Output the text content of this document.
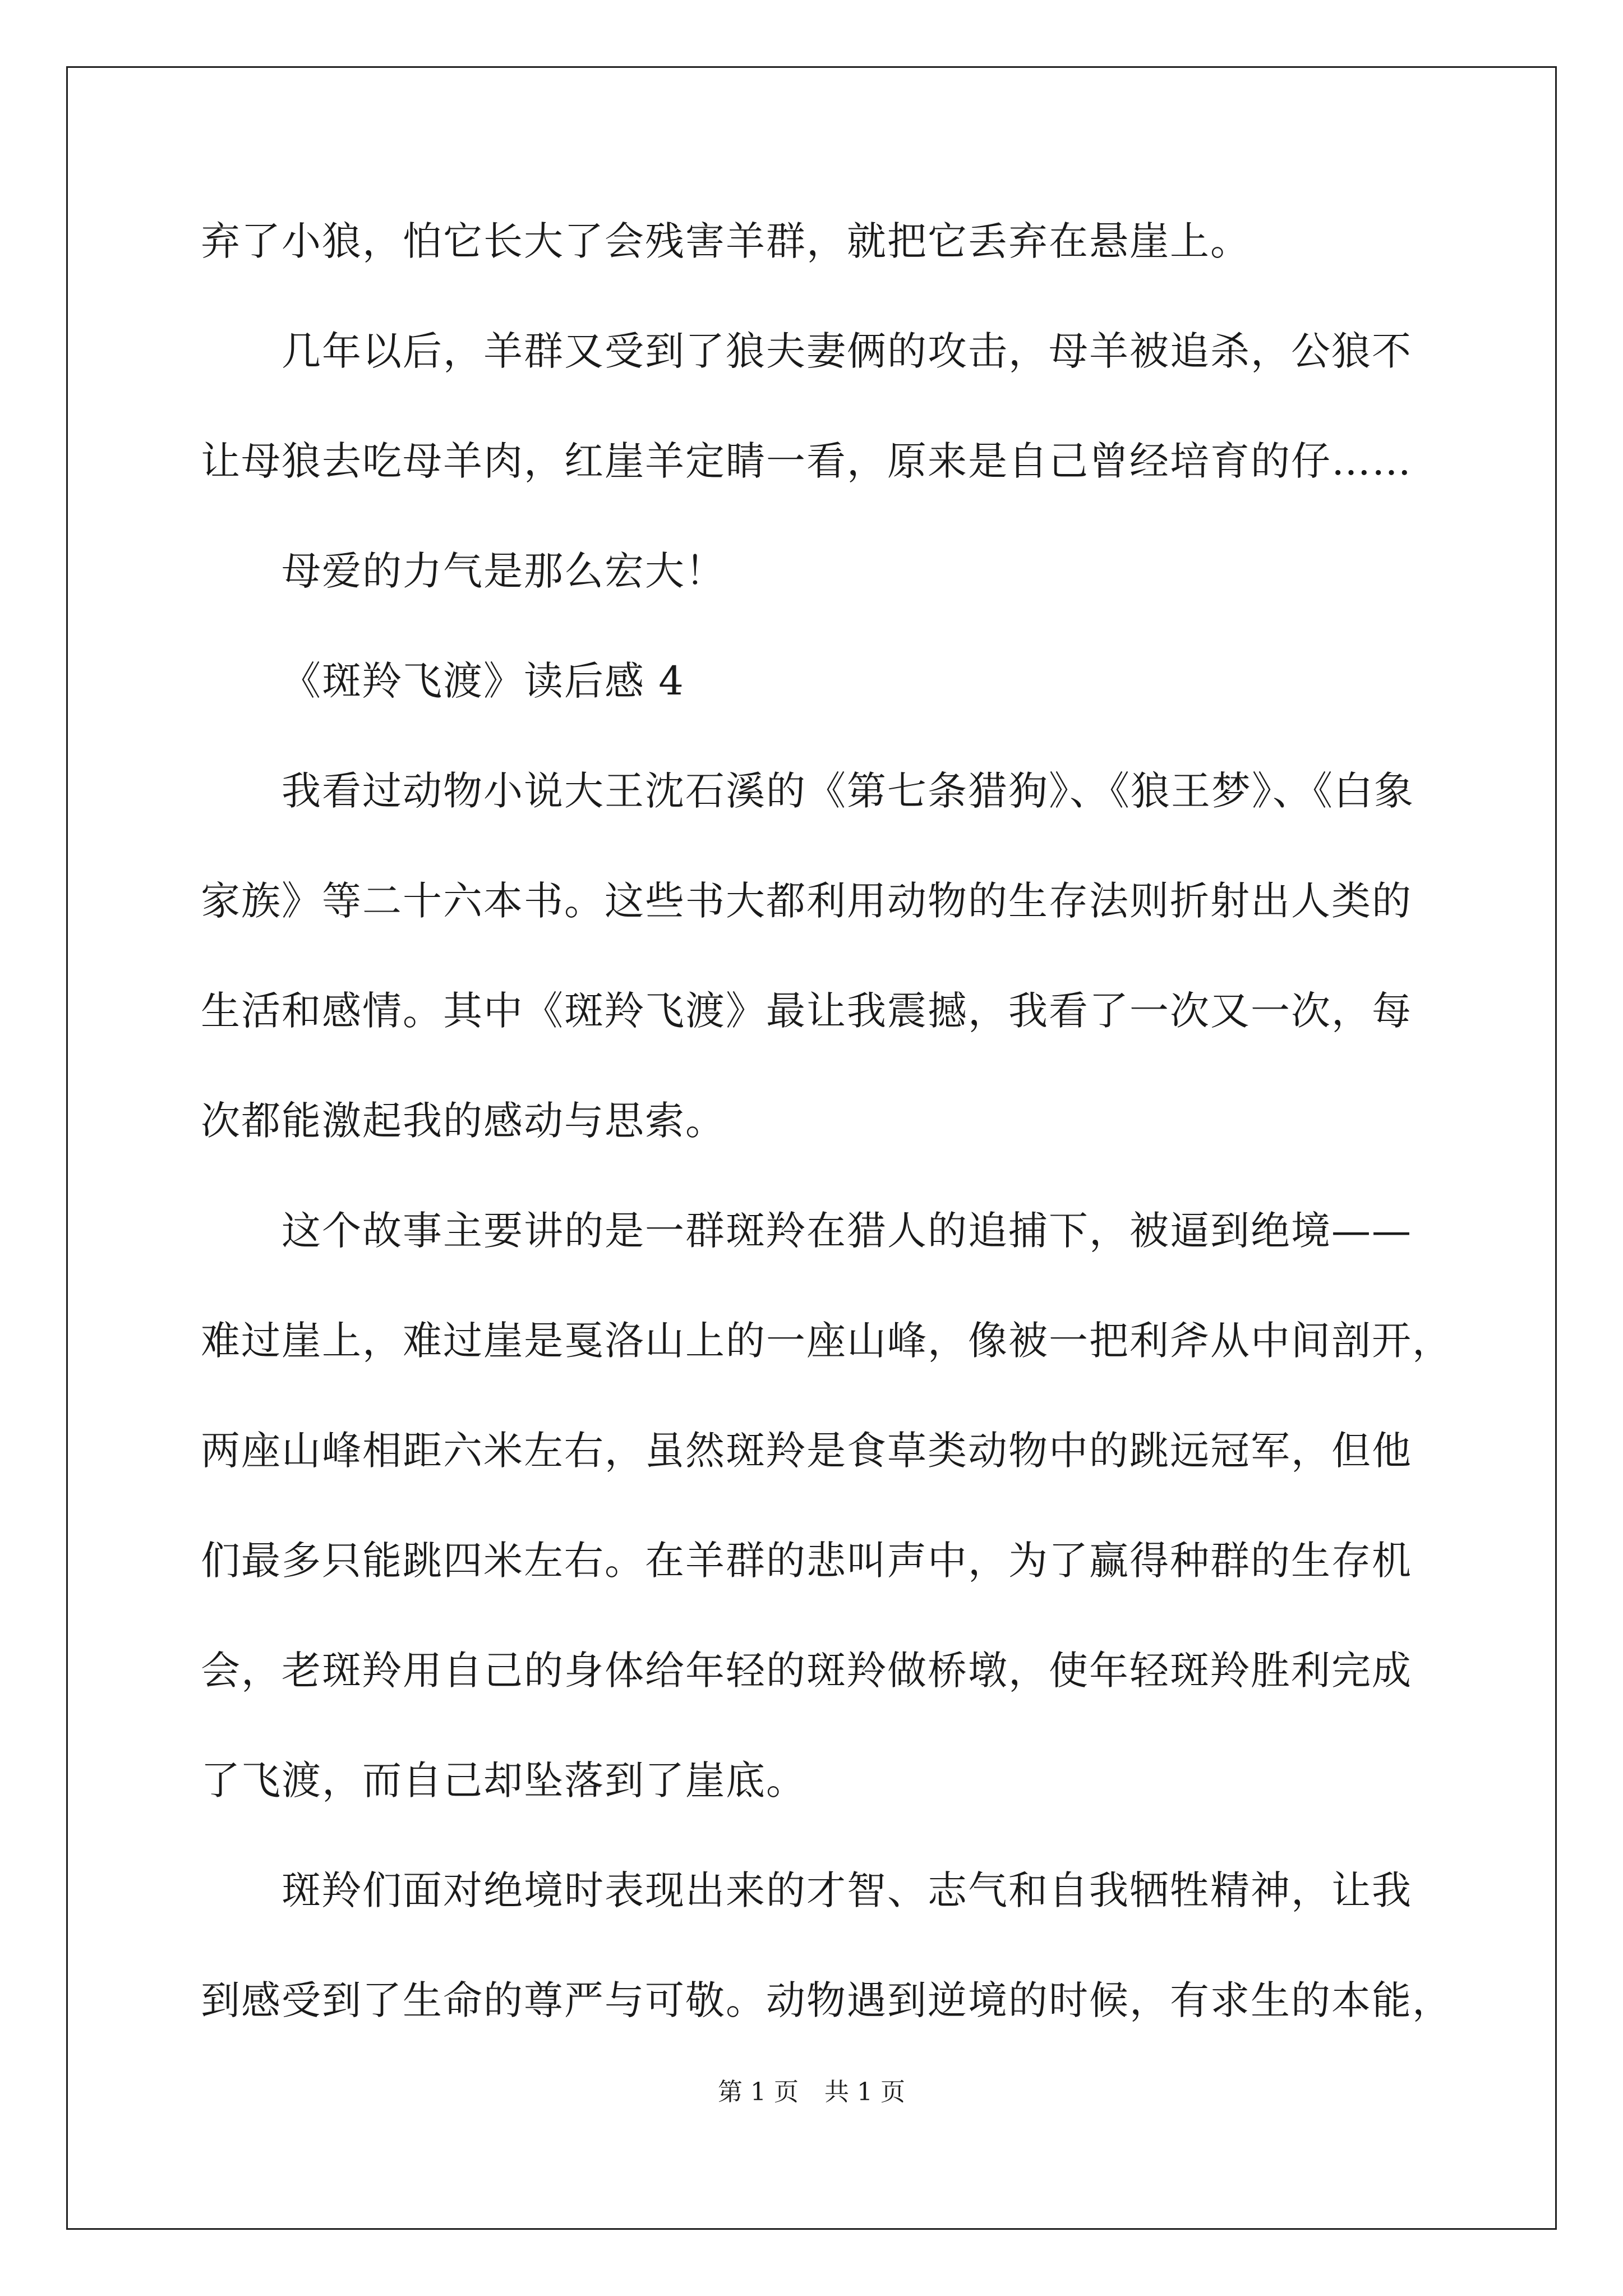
弃了小狼，怕它长大了会残害羊群，就把它丢弃在悬崖上。
几年以后，羊群又受到了狼夫妻俩的攻击，母羊被追杀，公狼不
让母狼去吃母羊肉，红崖羊定睛一看，原来是自己曾经培育的仔……
母爱的力气是那么宏大！
《斑羚飞渡》读后感 4
我看过动物小说大王沈石溪的《第七条猎狗》、《狼王梦》、《白象
家族》等二十六本书。这些书大都利用动物的生存法则折射出人类的
生活和感情。其中《斑羚飞渡》最让我震撼，我看了一次又一次，每
次都能激起我的感动与思索。
这个故事主要讲的是一群斑羚在猎人的追捕下，被逼到绝境——
难过崖上，难过崖是戛洛山上的一座山峰，像被一把利斧从中间剖开，
两座山峰相距六米左右，虽然斑羚是食草类动物中的跳远冠军，但他
们最多只能跳四米左右。在羊群的悲叫声中，为了赢得种群的生存机
会，老斑羚用自己的身体给年轻的斑羚做桥墩，使年轻斑羚胜利完成
了飞渡，而自己却坠落到了崖底。
斑羚们面对绝境时表现出来的才智、志气和自我牺牲精神，让我
到感受到了生命的尊严与可敬。动物遇到逆境的时候，有求生的本能，
第 1 页 共 1 页
